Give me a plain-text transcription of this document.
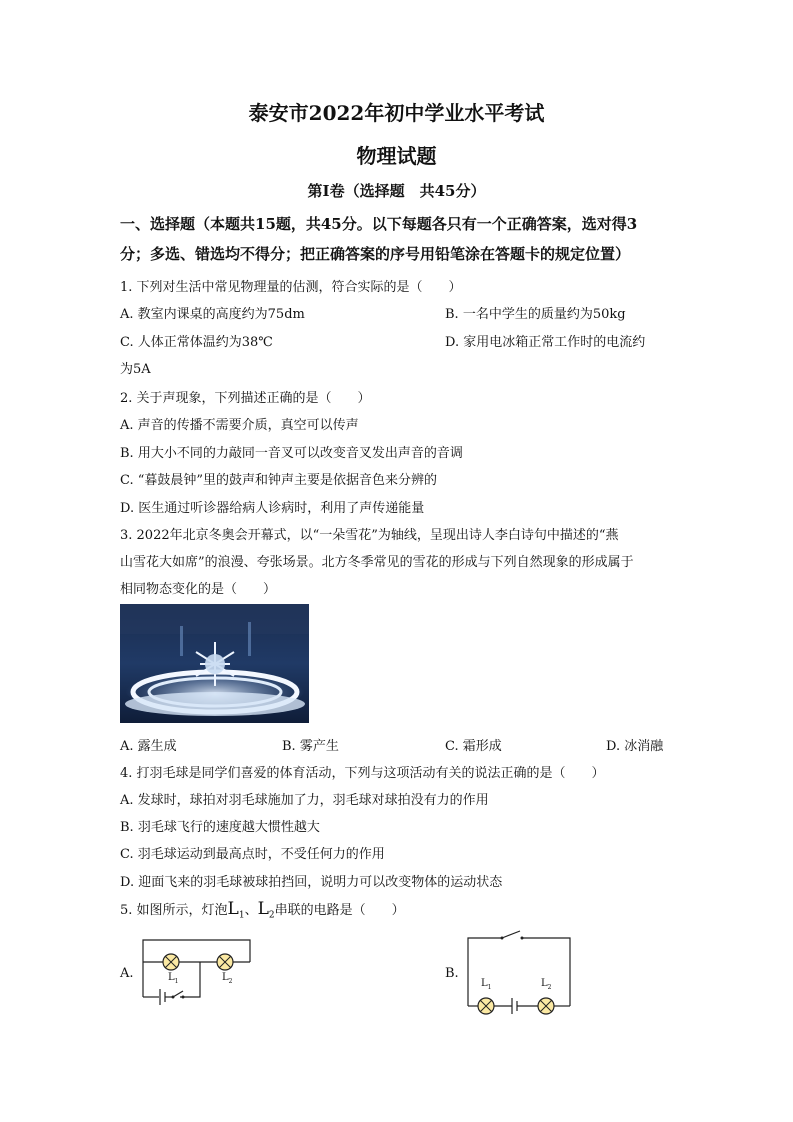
泰安市2022年初中学业水平考试
物理试题
第Ⅰ卷（选择题　共45分）
一、选择题（本题共15题，共45分。以下每题各只有一个正确答案，选对得3
分；多选、错选均不得分；把正确答案的序号用铅笔涂在答题卡的规定位置）
1. 下列对生活中常见物理量的估测，符合实际的是（　　）
A. 教室内课桌的高度约为75dm	B. 一名中学生的质量约为50kg
C. 人体正常体温约为38℃	D. 家用电冰箱正常工作时的电流约
为5A
2. 关于声现象，下列描述正确的是（　　）
A. 声音的传播不需要介质，真空可以传声
B. 用大小不同的力敲同一音叉可以改变音叉发出声音的音调
C. “暮鼓晨钟”里的鼓声和钟声主要是依据音色来分辨的
D. 医生通过听诊器给病人诊病时，利用了声传递能量
3. 2022年北京冬奥会开幕式，以“一朵雪花”为轴线，呈现出诗人李白诗句中描述的“燕
山雪花大如席”的浪漫、夸张场景。北方冬季常见的雪花的形成与下列自然现象的形成属于
相同物态变化的是（　　）
A. 露生成	B. 雾产生	C. 霜形成	D. 冰消融
4. 打羽毛球是同学们喜爱的体育活动，下列与这项活动有关的说法正确的是（　　）
A. 发球时，球拍对羽毛球施加了力，羽毛球对球拍没有力的作用
B. 羽毛球飞行的速度越大惯性越大
C. 羽毛球运动到最高点时，不受任何力的作用
D. 迎面飞来的羽毛球被球拍挡回，说明力可以改变物体的运动状态
5. 如图所示，灯泡$L_1$、$L_2$串联的电路是（　　）
A.	B.
$L_1$	$L_2$	$L_1$	$L_2$
